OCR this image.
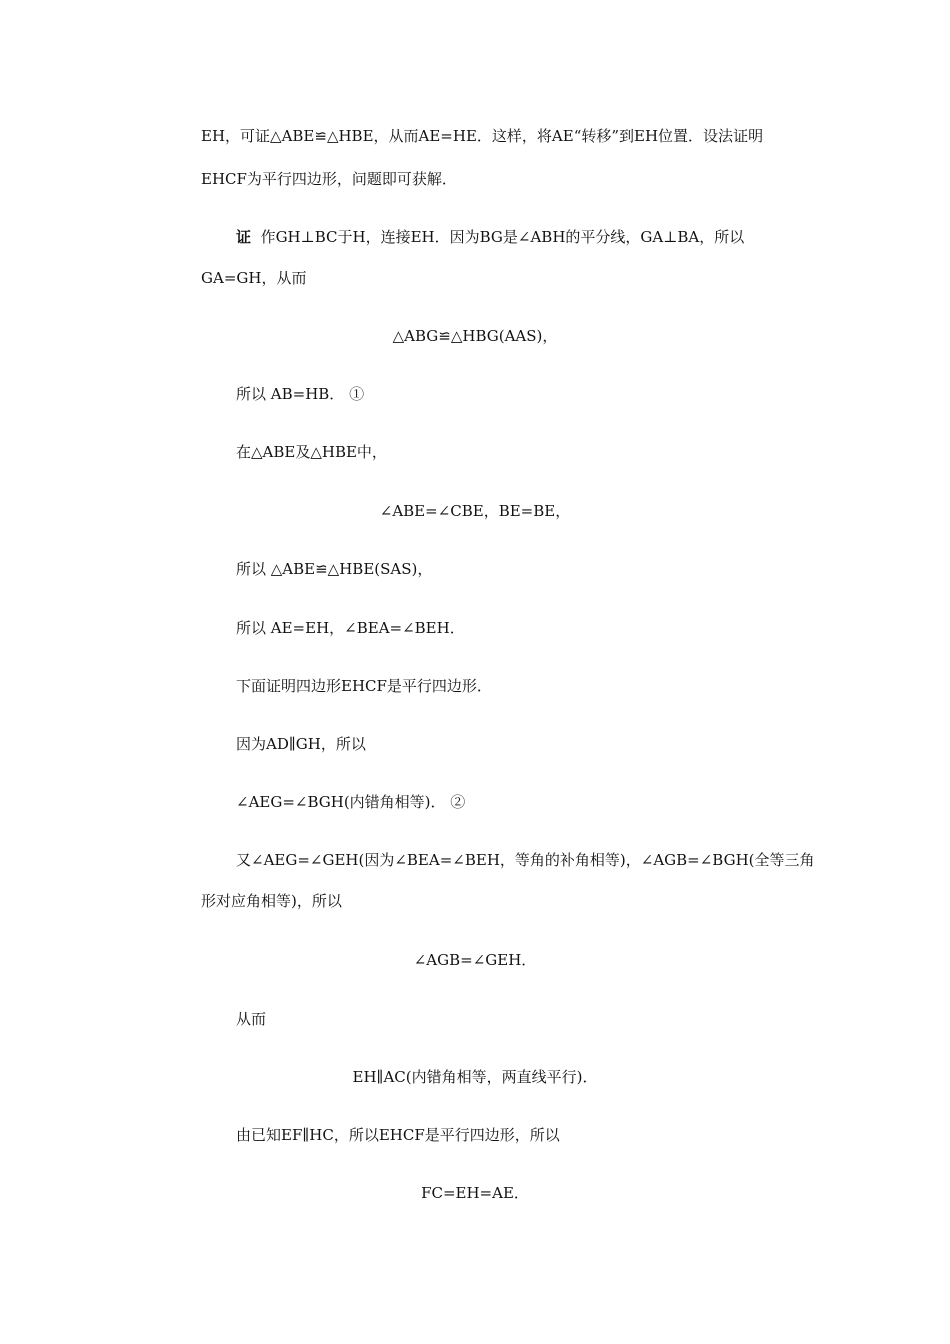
EH，可证△ABE≌△HBE，从而AE=HE．这样，将AE“转移”到EH位置．设法证明
EHCF为平行四边形，问题即可获解．
证 作GH⊥BC于H，连接EH．因为BG是∠ABH的平分线，GA⊥BA，所以
GA=GH，从而
△ABG≌△HBG(AAS)，
所以 AB=HB． ①
在△ABE及△HBE中，
∠ABE=∠CBE，BE=BE，
所以 △ABE≌△HBE(SAS)，
所以 AE=EH，∠BEA=∠BEH．
下面证明四边形EHCF是平行四边形．
因为AD∥GH，所以
∠AEG=∠BGH(内错角相等)． ②
又∠AEG=∠GEH(因为∠BEA=∠BEH，等角的补角相等)，∠AGB=∠BGH(全等三角
形对应角相等)，所以
∠AGB=∠GEH．
从而
EH∥AC(内错角相等，两直线平行)．
由已知EF∥HC，所以EHCF是平行四边形，所以
FC=EH=AE．
